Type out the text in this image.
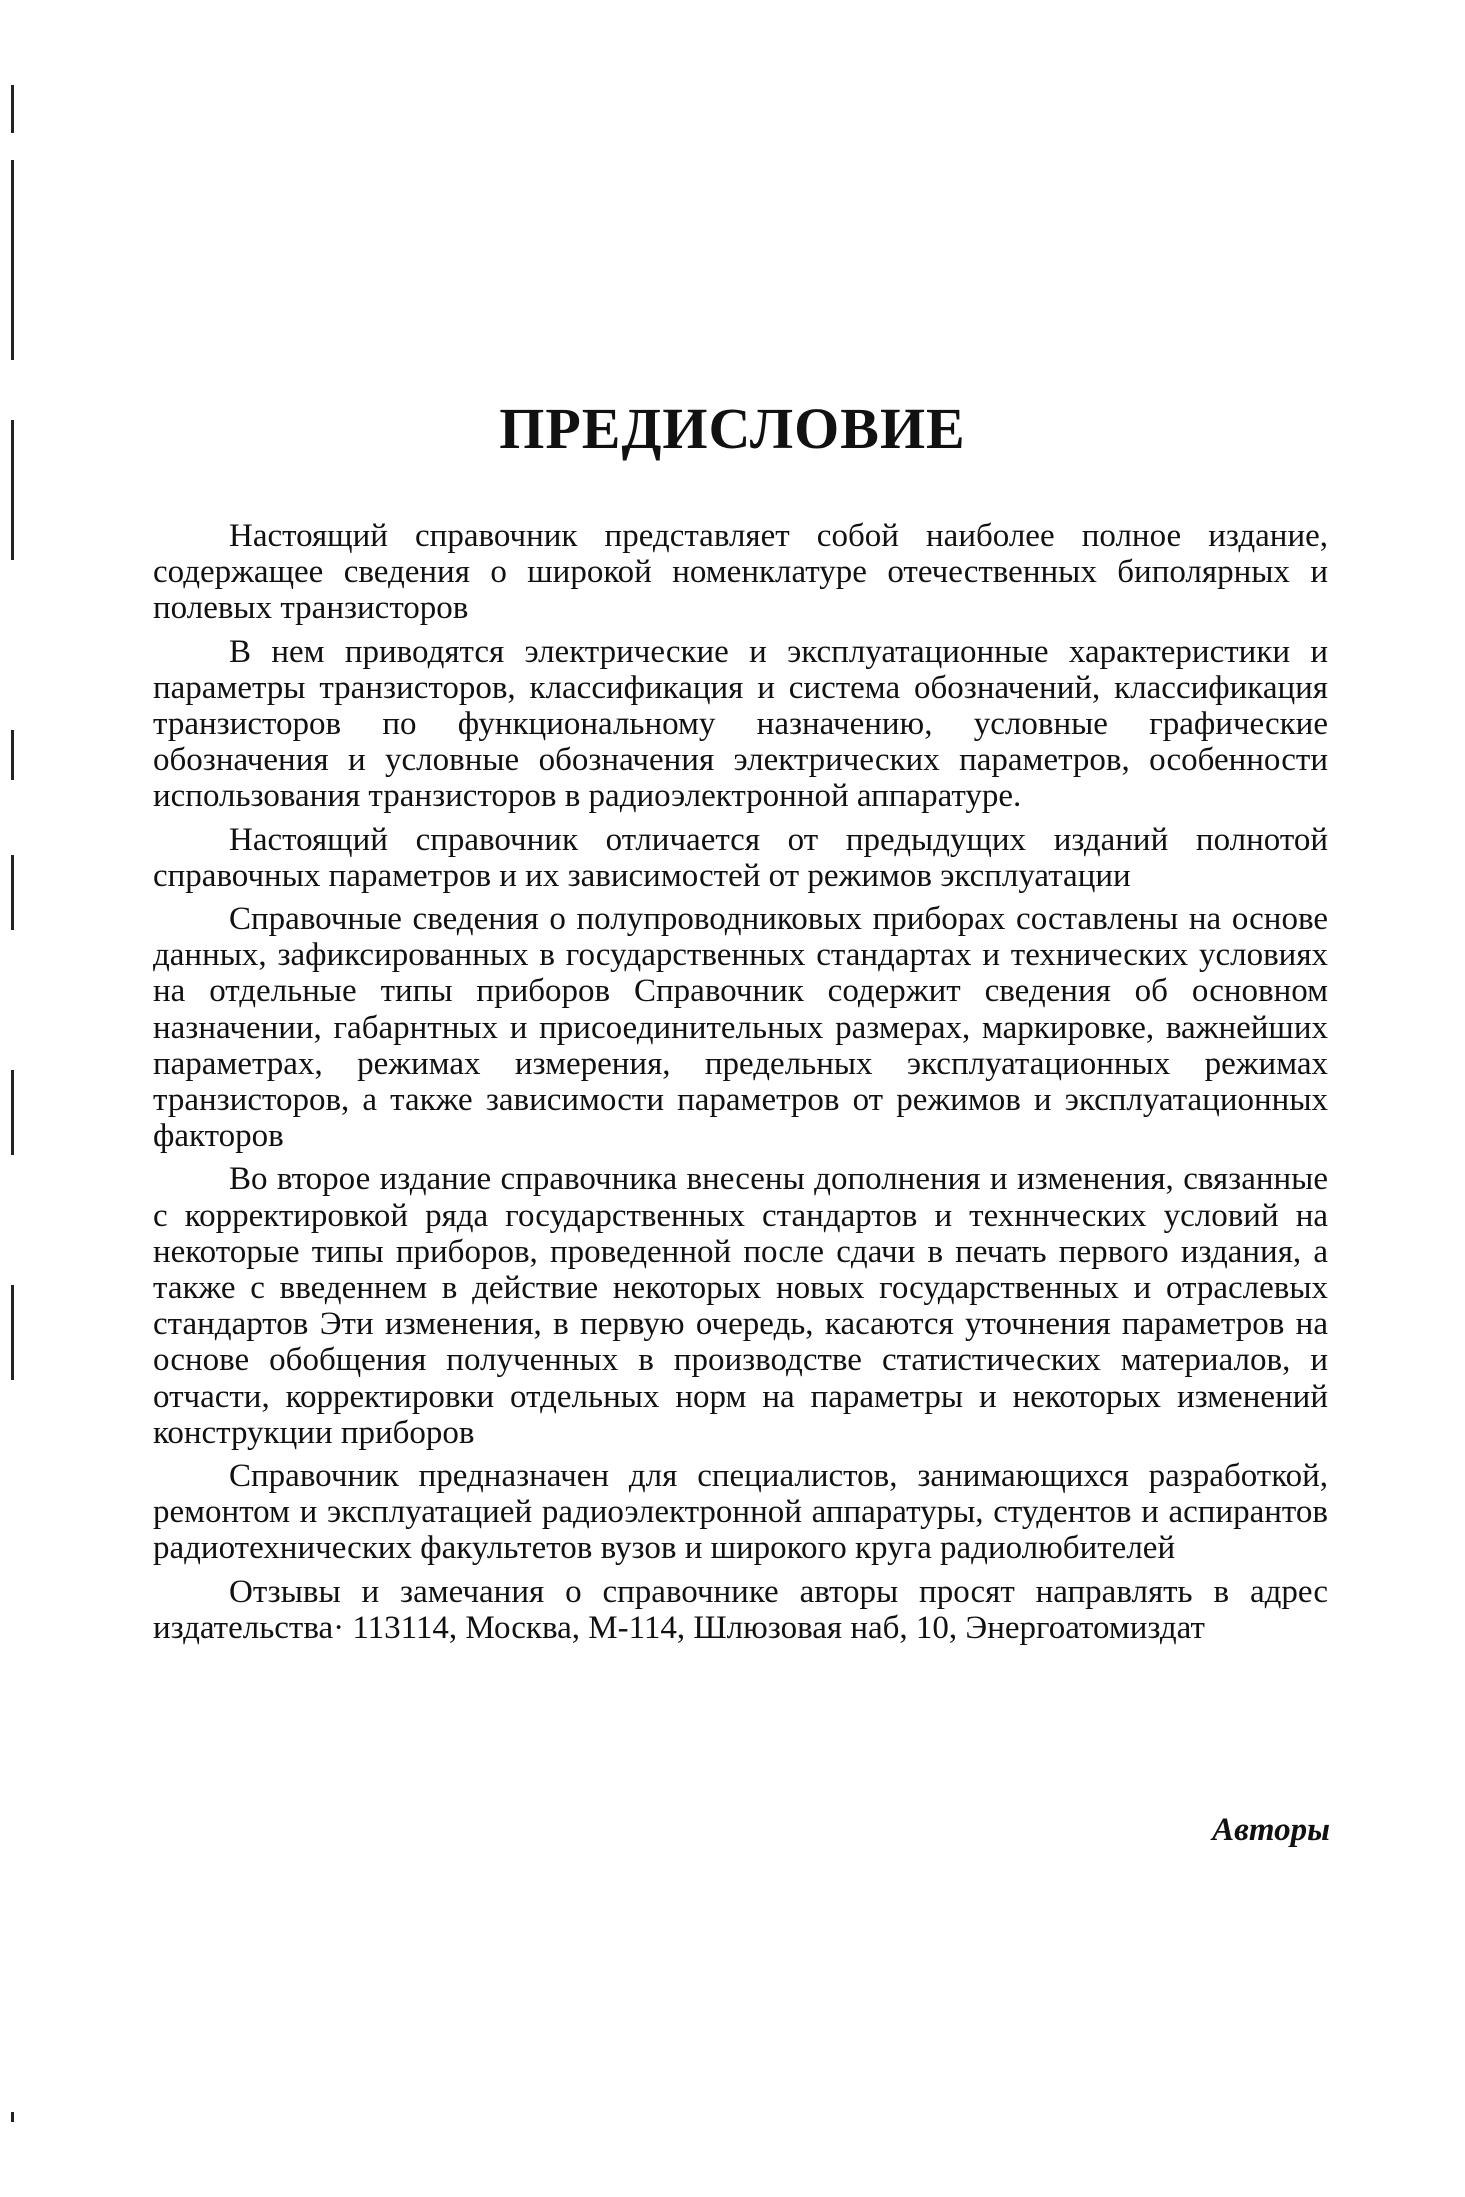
ПРЕДИСЛОВИЕ

Настоящий справочник представляет собой наиболее полное издание, содержащее сведения о широкой номенклатуре отечественных биполярных и полевых транзисторов

В нем приводятся электрические и эксплуатационные характеристики и параметры транзисторов, классификация и система обозначений, классификация транзисторов по функциональному назначению, условные графические обозначения и условные обозначения электрических параметров, особенности использования транзисторов в радиоэлектронной аппаратуре.

Настоящий справочник отличается от предыдущих изданий полнотой справочных параметров и их зависимостей от режимов эксплуатации

Справочные сведения о полупроводниковых приборах составлены на основе данных, зафиксированных в государственных стандартах и технических условиях на отдельные типы приборов Справочник содержит сведения об основном назначении, габарнтных и присоединительных размерах, маркировке, важнейших параметрах, режимах измерения, предельных эксплуатационных режимах транзисторов, а также зависимости параметров от режимов и эксплуатационных факторов

Во второе издание справочника внесены дополнения и изменения, связанные с корректировкой ряда государственных стандартов и техннческих условий на некоторые типы приборов, проведенной после сдачи в печать первого издания, а также с введеннем в действие некоторых новых государственных и отраслевых стандартов Эти изменения, в первую очередь, касаются уточнения параметров на основе обобщения полученных в производстве статистических материалов, и отчасти, корректировки отдельных норм на параметры и некоторых изменений конструкции приборов

Справочник предназначен для специалистов, занимающихся разработкой, ремонтом и эксплуатацией радиоэлектронной аппаратуры, студентов и аспирантов радиотехнических факультетов вузов и широкого круга радиолюбителей

Отзывы и замечания о справочнике авторы просят направлять в адрес издательства· 113114, Москва, М-114, Шлюзовая наб, 10, Энергоатомиздат

Авторы
